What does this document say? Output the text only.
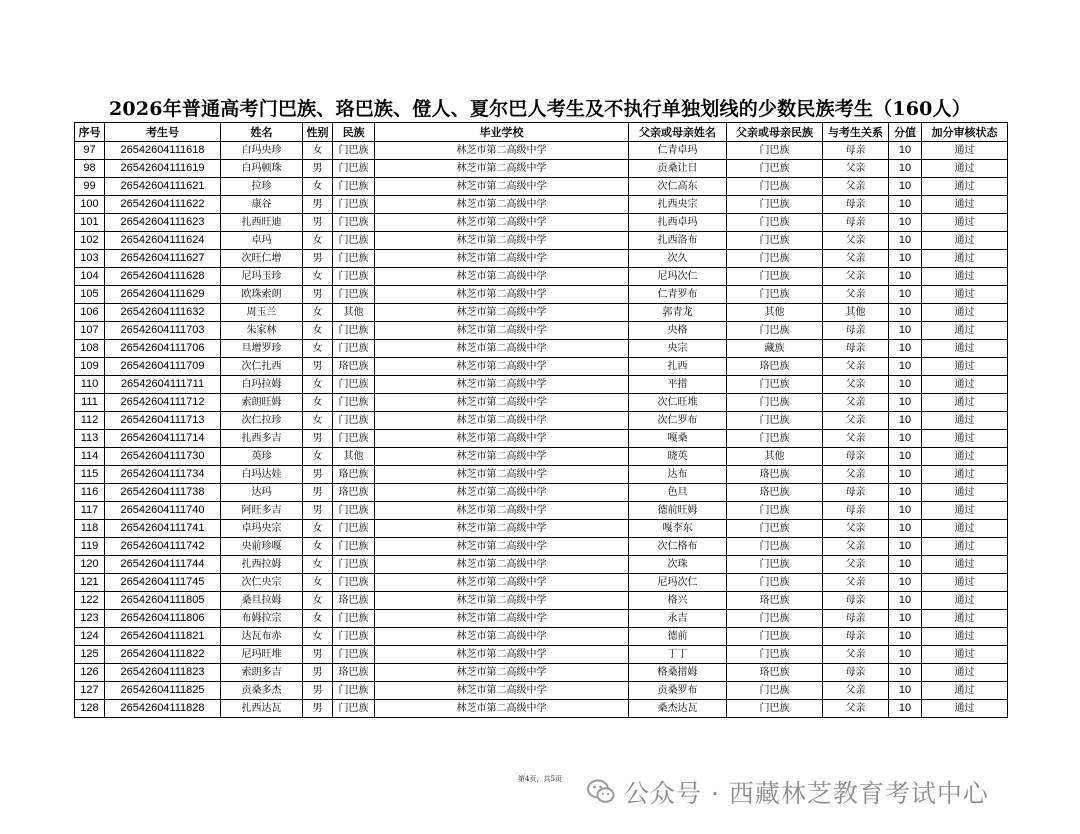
2026年普通高考门巴族、珞巴族、僜人、夏尔巴人考生及不执行单独划线的少数民族考生（160人）
序号	考生号	姓名	性别	民族	毕业学校	父亲或母亲姓名	父亲或母亲民族	与考生关系	分值	加分审核状态
97	26542604111618	白玛央珍	女	门巴族	林芝市第二高级中学	仁青卓玛	门巴族	母亲	10	通过
98	26542604111619	白玛顿珠	男	门巴族	林芝市第二高级中学	贡桑让日	门巴族	父亲	10	通过
99	26542604111621	拉珍	女	门巴族	林芝市第二高级中学	次仁高东	门巴族	父亲	10	通过
100	26542604111622	康谷	男	门巴族	林芝市第二高级中学	扎西央宗	门巴族	母亲	10	通过
101	26542604111623	扎西旺迪	男	门巴族	林芝市第二高级中学	扎西卓玛	门巴族	母亲	10	通过
102	26542604111624	卓玛	女	门巴族	林芝市第二高级中学	扎西洛布	门巴族	父亲	10	通过
103	26542604111627	次旺仁增	男	门巴族	林芝市第二高级中学	次久	门巴族	父亲	10	通过
104	26542604111628	尼玛玉珍	女	门巴族	林芝市第二高级中学	尼玛次仁	门巴族	父亲	10	通过
105	26542604111629	欧珠索朗	男	门巴族	林芝市第二高级中学	仁青罗布	门巴族	父亲	10	通过
106	26542604111632	周玉兰	女	其他	林芝市第二高级中学	郭青龙	其他	其他	10	通过
107	26542604111703	朱家林	女	门巴族	林芝市第二高级中学	央格	门巴族	母亲	10	通过
108	26542604111706	旦增罗珍	女	门巴族	林芝市第二高级中学	央宗	藏族	母亲	10	通过
109	26542604111709	次仁扎西	男	珞巴族	林芝市第二高级中学	扎西	珞巴族	父亲	10	通过
110	26542604111711	白玛拉姆	女	门巴族	林芝市第二高级中学	平措	门巴族	父亲	10	通过
111	26542604111712	索朗旺姆	女	门巴族	林芝市第二高级中学	次仁旺堆	门巴族	父亲	10	通过
112	26542604111713	次仁拉珍	女	门巴族	林芝市第二高级中学	次仁罗布	门巴族	父亲	10	通过
113	26542604111714	扎西多吉	男	门巴族	林芝市第二高级中学	嘎桑	门巴族	父亲	10	通过
114	26542604111730	英珍	女	其他	林芝市第二高级中学	晓英	其他	母亲	10	通过
115	26542604111734	白玛达娃	男	珞巴族	林芝市第二高级中学	达布	珞巴族	父亲	10	通过
116	26542604111738	达玛	男	珞巴族	林芝市第二高级中学	色旦	珞巴族	母亲	10	通过
117	26542604111740	阿旺多吉	男	门巴族	林芝市第二高级中学	德前旺姆	门巴族	母亲	10	通过
118	26542604111741	卓玛央宗	女	门巴族	林芝市第二高级中学	嘎李东	门巴族	父亲	10	通过
119	26542604111742	央前珍嘎	女	门巴族	林芝市第二高级中学	次仁格布	门巴族	父亲	10	通过
120	26542604111744	扎西拉姆	女	门巴族	林芝市第二高级中学	次珠	门巴族	父亲	10	通过
121	26542604111745	次仁央宗	女	门巴族	林芝市第二高级中学	尼玛次仁	门巴族	父亲	10	通过
122	26542604111805	桑旦拉姆	女	珞巴族	林芝市第二高级中学	格兴	珞巴族	母亲	10	通过
123	26542604111806	布姆拉宗	女	门巴族	林芝市第二高级中学	永吉	门巴族	母亲	10	通过
124	26542604111821	达瓦布赤	女	门巴族	林芝市第二高级中学	德前	门巴族	母亲	10	通过
125	26542604111822	尼玛旺堆	男	门巴族	林芝市第二高级中学	丁丁	门巴族	父亲	10	通过
126	26542604111823	索朗多吉	男	珞巴族	林芝市第二高级中学	格桑措姆	珞巴族	母亲	10	通过
127	26542604111825	贡桑多杰	男	门巴族	林芝市第二高级中学	贡桑罗布	门巴族	父亲	10	通过
128	26542604111828	扎西达瓦	男	门巴族	林芝市第二高级中学	桑杰达瓦	门巴族	父亲	10	通过
第4页，共5页	公众号 · 西藏林芝教育考试中心
